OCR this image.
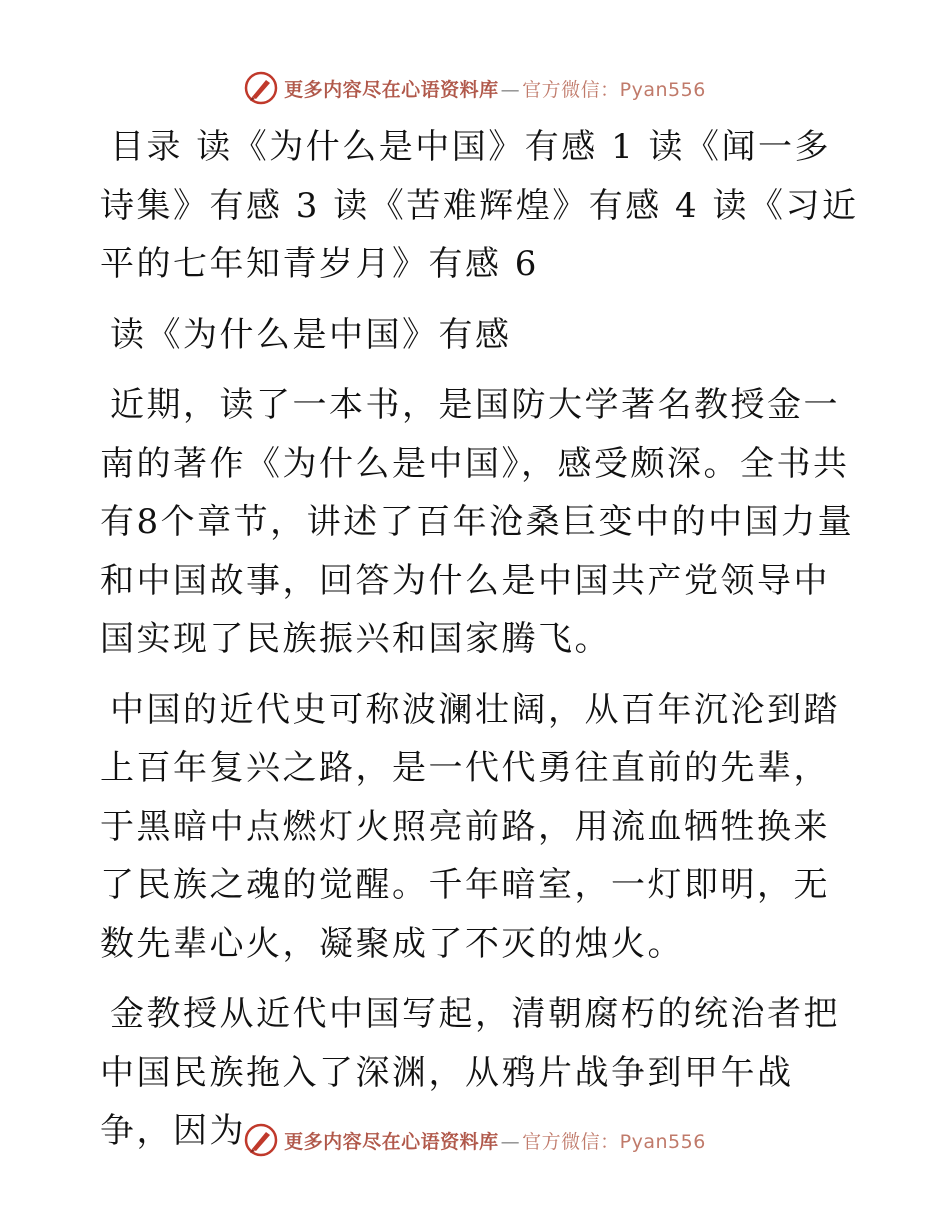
更多内容尽在心语资料库 — 官方微信：Pyan556

目录 读《为什么是中国》有感 1 读《闻一多诗集》有感 3 读《苦难辉煌》有感 4 读《习近平的七年知青岁月》有感 6

读《为什么是中国》有感

近期，读了一本书，是国防大学著名教授金一南的著作《为什么是中国》，感受颇深。全书共有8个章节，讲述了百年沧桑巨变中的中国力量和中国故事，回答为什么是中国共产党领导中国实现了民族振兴和国家腾飞。

中国的近代史可称波澜壮阔，从百年沉沦到踏上百年复兴之路，是一代代勇往直前的先辈，于黑暗中点燃灯火照亮前路，用流血牺牲换来了民族之魂的觉醒。千年暗室，一灯即明，无数先辈心火，凝聚成了不灭的烛火。

金教授从近代中国写起，清朝腐朽的统治者把中国民族拖入了深渊，从鸦片战争到甲午战争，因为	更多内容尽在心语资料库 — 官方微信：Pyan556
